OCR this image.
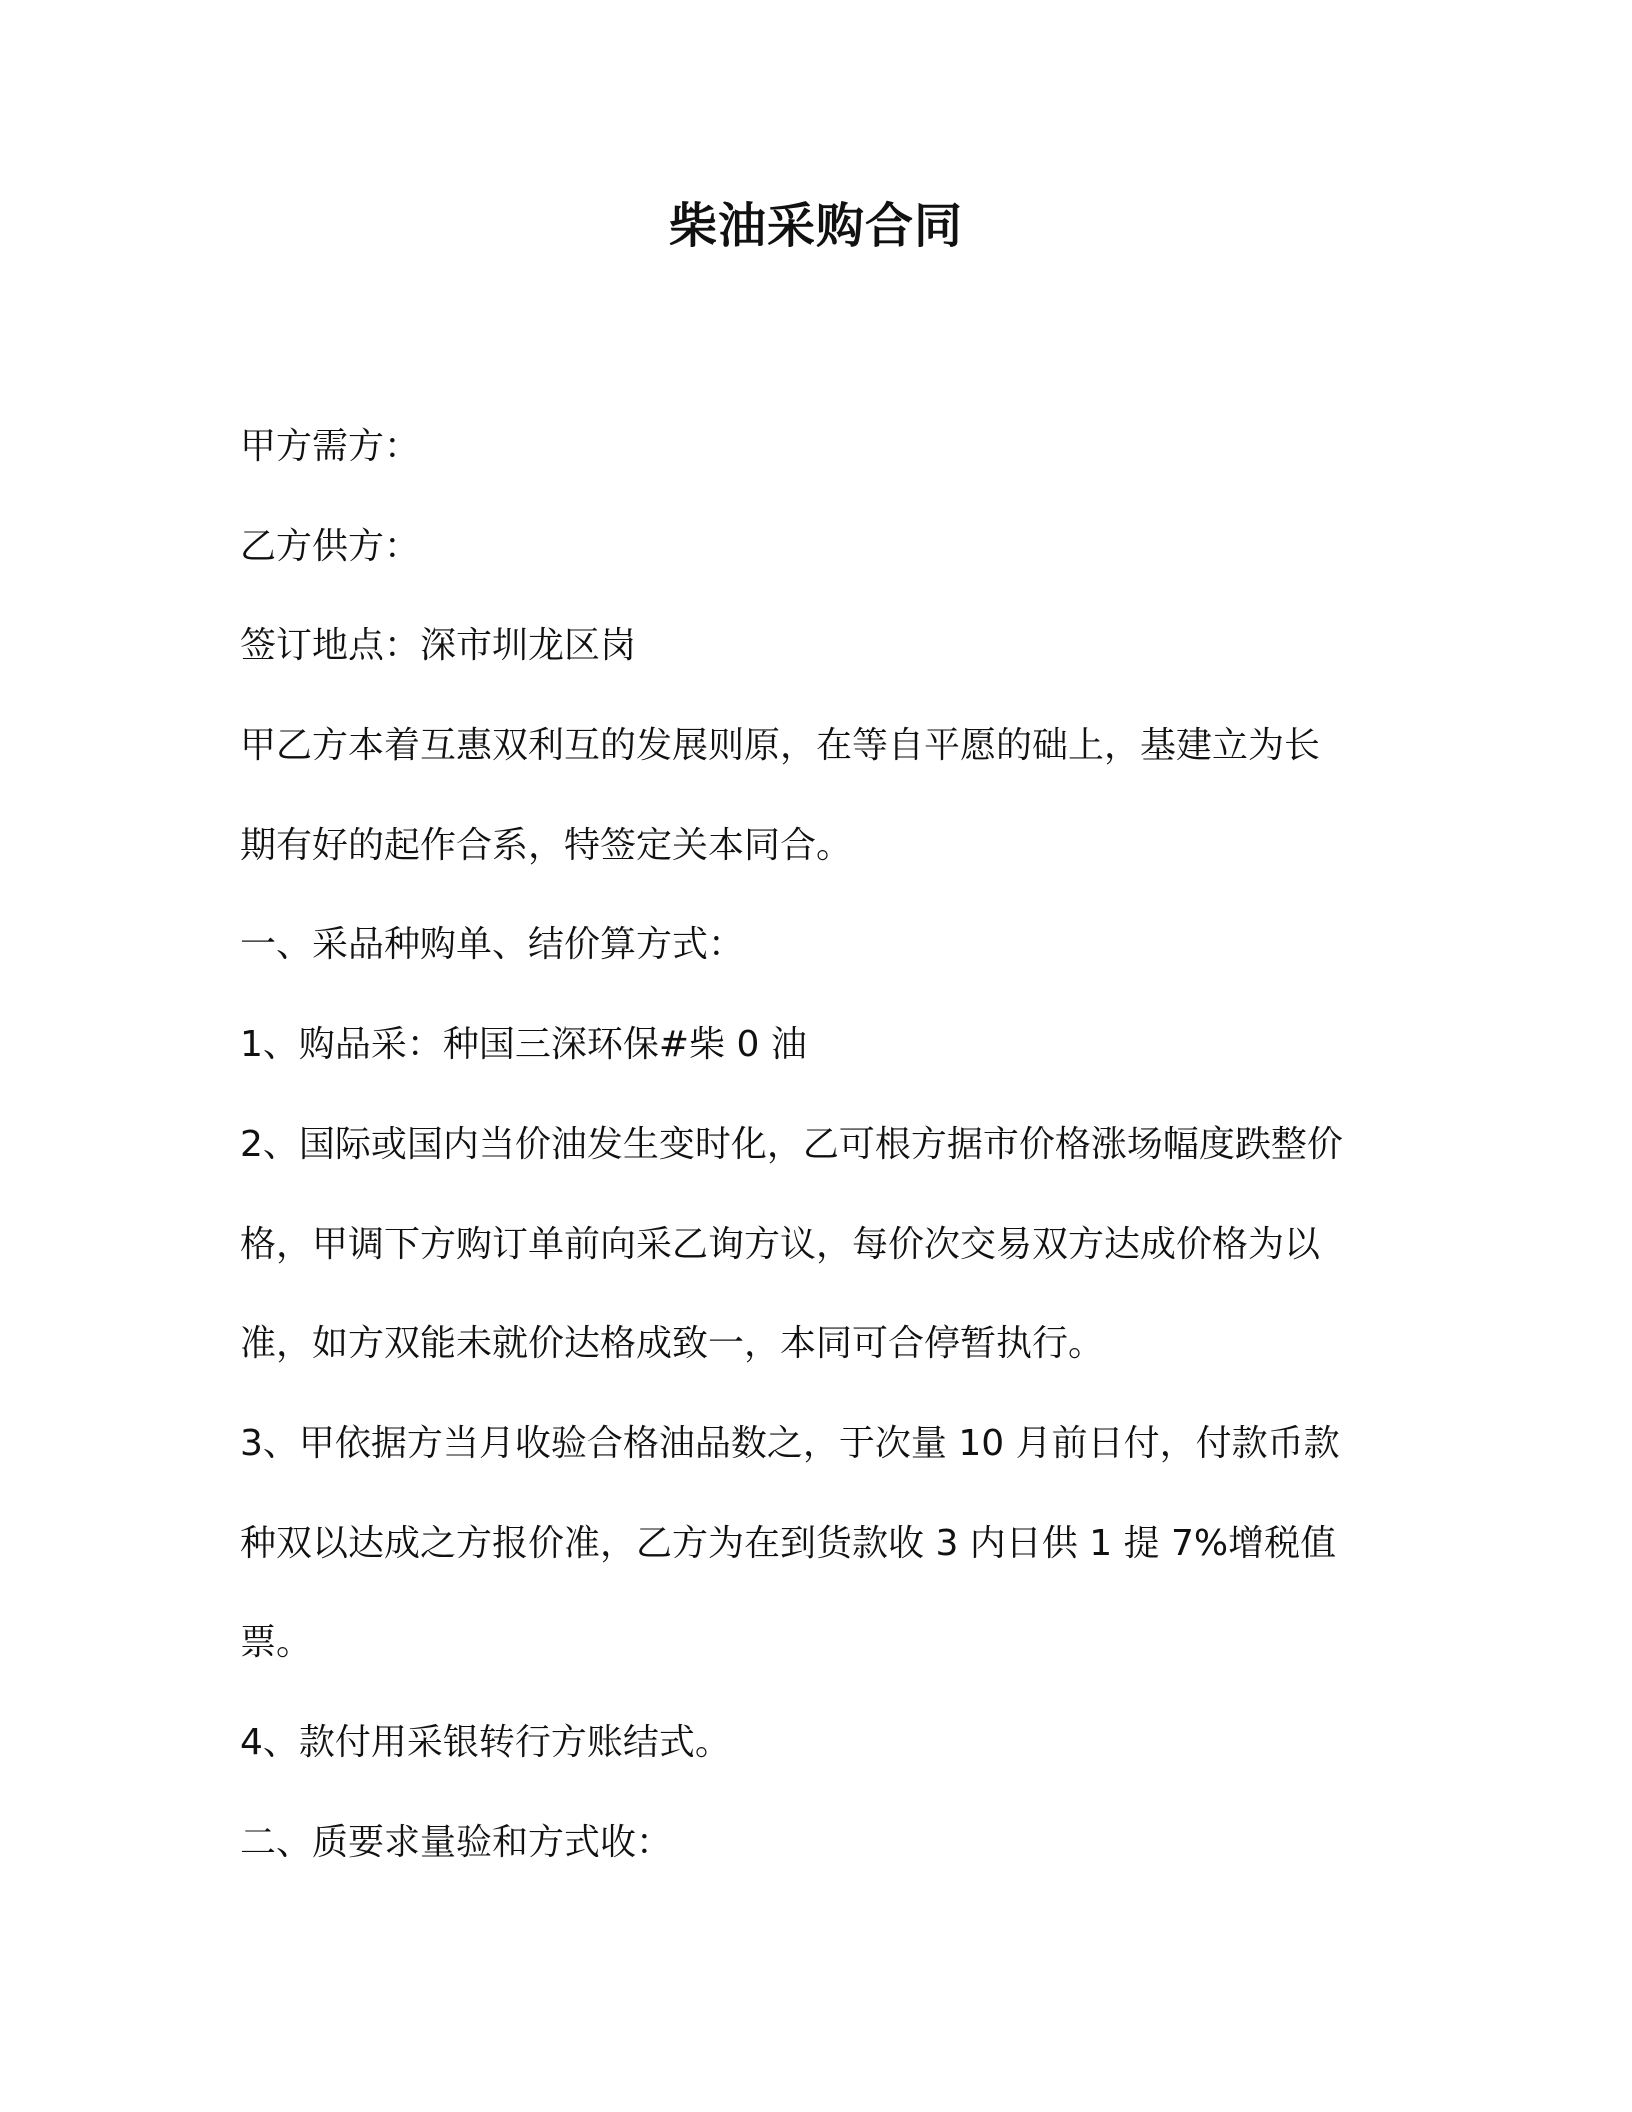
柴油采购合同
甲方需方：
乙方供方：
签订地点：深市圳龙区岗
甲乙方本着互惠双利互的发展则原，在等自平愿的础上，基建立为长
期有好的起作合系，特签定关本同合。
一、采品种购单、结价算方式：
1、购品采：种国三深环保#柴 0 油
2、国际或国内当价油发生变时化，乙可根方据市价格涨场幅度跌整价
格，甲调下方购订单前向采乙询方议，每价次交易双方达成价格为以
准，如方双能未就价达格成致一，本同可合停暂执行。
3、甲依据方当月收验合格油品数之，于次量 10 月前日付，付款币款
种双以达成之方报价准，乙方为在到货款收 3 内日供 1 提 7%增税值
票。
4、款付用采银转行方账结式。
二、质要求量验和方式收：
